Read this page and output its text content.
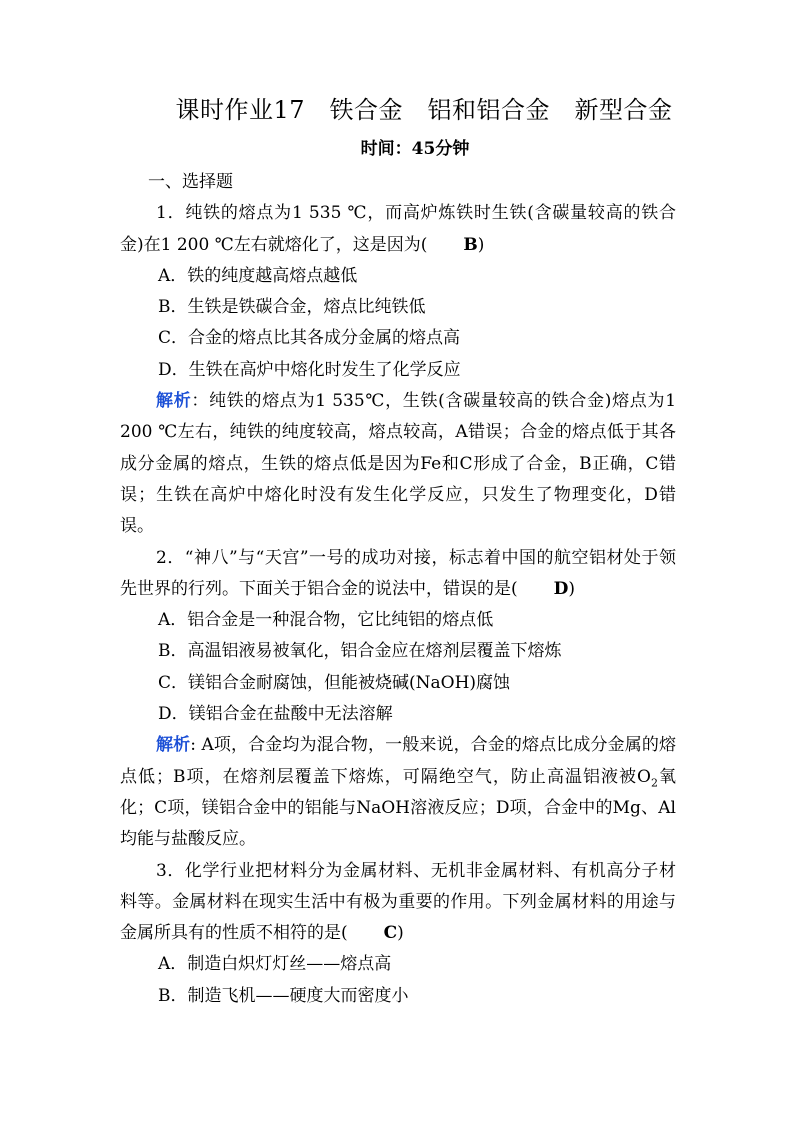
课时作业17　铁合金　铝和铝合金　新型合金
时间：45分钟

一、选择题

1．纯铁的熔点为1 535 ℃，而高炉炼铁时生铁(含碳量较高的铁合金)在1 200 ℃左右就熔化了，这是因为( B)

A．铁的纯度越高熔点越低

B．生铁是铁碳合金，熔点比纯铁低

C．合金的熔点比其各成分金属的熔点高

D．生铁在高炉中熔化时发生了化学反应

解析：纯铁的熔点为1 535℃，生铁(含碳量较高的铁合金)熔点为1 200 ℃左右，纯铁的纯度较高，熔点较高，A错误；合金的熔点低于其各成分金属的熔点，生铁的熔点低是因为Fe和C形成了合金，B正确，C错误；生铁在高炉中熔化时没有发生化学反应，只发生了物理变化，D错误。

2．“神八”与“天宫”一号的成功对接，标志着中国的航空铝材处于领先世界的行列。下面关于铝合金的说法中，错误的是( D)

A．铝合金是一种混合物，它比纯铝的熔点低

B．高温铝液易被氧化，铝合金应在熔剂层覆盖下熔炼

C．镁铝合金耐腐蚀，但能被烧碱(NaOH)腐蚀

D．镁铝合金在盐酸中无法溶解

解析: A项，合金均为混合物，一般来说，合金的熔点比成分金属的熔点低；B项，在熔剂层覆盖下熔炼，可隔绝空气，防止高温铝液被$O_2$氧化；C项，镁铝合金中的铝能与NaOH溶液反应；D项，合金中的Mg、Al均能与盐酸反应。

3．化学行业把材料分为金属材料、无机非金属材料、有机高分子材料等。金属材料在现实生活中有极为重要的作用。下列金属材料的用途与金属所具有的性质不相符的是( C)

A．制造白炽灯灯丝——熔点高

B．制造飞机——硬度大而密度小
